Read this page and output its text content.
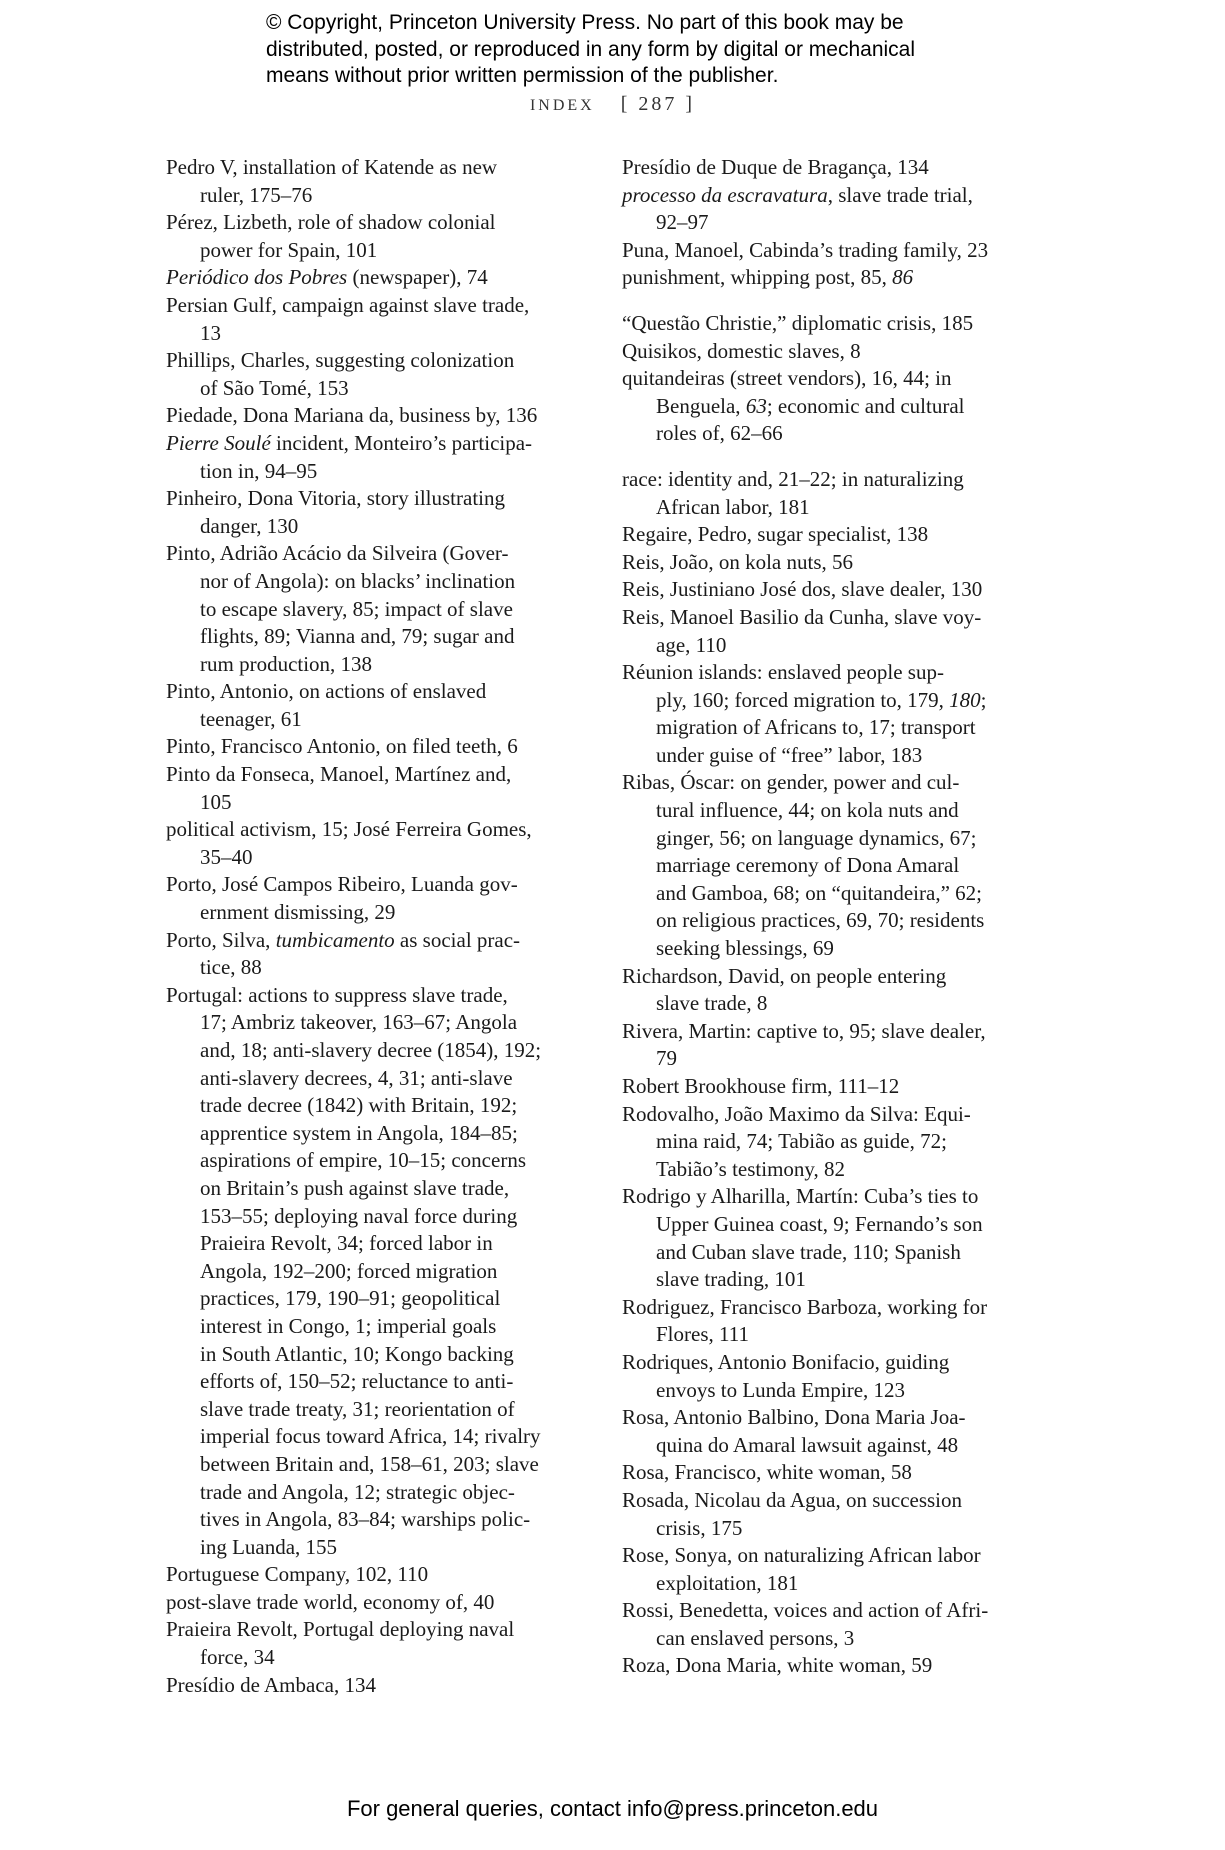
© Copyright, Princeton University Press. No part of this book may be
distributed, posted, or reproduced in any form by digital or mechanical
means without prior written permission of the publisher.
INDEX [ 287 ]
Pedro V, installation of Katende as new
ruler, 175–76
Pérez, Lizbeth, role of shadow colonial
power for Spain, 101
Periódico dos Pobres (newspaper), 74
Persian Gulf, campaign against slave trade,
13
Phillips, Charles, suggesting colonization
of São Tomé, 153
Piedade, Dona Mariana da, business by, 136
Pierre Soulé incident, Monteiro’s participa-
tion in, 94–95
Pinheiro, Dona Vitoria, story illustrating
danger, 130
Pinto, Adrião Acácio da Silveira (Gover-
nor of Angola): on blacks’ inclination
to escape slavery, 85; impact of slave
flights, 89; Vianna and, 79; sugar and
rum production, 138
Pinto, Antonio, on actions of enslaved
teenager, 61
Pinto, Francisco Antonio, on filed teeth, 6
Pinto da Fonseca, Manoel, Martínez and,
105
political activism, 15; José Ferreira Gomes,
35–40
Porto, José Campos Ribeiro, Luanda gov-
ernment dismissing, 29
Porto, Silva, tumbicamento as social prac-
tice, 88
Portugal: actions to suppress slave trade,
17; Ambriz takeover, 163–67; Angola
and, 18; anti-slavery decree (1854), 192;
anti-slavery decrees, 4, 31; anti-slave
trade decree (1842) with Britain, 192;
apprentice system in Angola, 184–85;
aspirations of empire, 10–15; concerns
on Britain’s push against slave trade,
153–55; deploying naval force during
Praieira Revolt, 34; forced labor in
Angola, 192–200; forced migration
practices, 179, 190–91; geopolitical
interest in Congo, 1; imperial goals
in South Atlantic, 10; Kongo backing
efforts of, 150–52; reluctance to anti-
slave trade treaty, 31; reorientation of
imperial focus toward Africa, 14; rivalry
between Britain and, 158–61, 203; slave
trade and Angola, 12; strategic objec-
tives in Angola, 83–84; warships polic-
ing Luanda, 155
Portuguese Company, 102, 110
post-slave trade world, economy of, 40
Praieira Revolt, Portugal deploying naval
force, 34
Presídio de Ambaca, 134
Presídio de Duque de Bragança, 134
processo da escravatura, slave trade trial,
92–97
Puna, Manoel, Cabinda’s trading family, 23
punishment, whipping post, 85, 86
“Questão Christie,” diplomatic crisis, 185
Quisikos, domestic slaves, 8
quitandeiras (street vendors), 16, 44; in
Benguela, 63; economic and cultural
roles of, 62–66
race: identity and, 21–22; in naturalizing
African labor, 181
Regaire, Pedro, sugar specialist, 138
Reis, João, on kola nuts, 56
Reis, Justiniano José dos, slave dealer, 130
Reis, Manoel Basilio da Cunha, slave voy-
age, 110
Réunion islands: enslaved people sup-
ply, 160; forced migration to, 179, 180;
migration of Africans to, 17; transport
under guise of “free” labor, 183
Ribas, Óscar: on gender, power and cul-
tural influence, 44; on kola nuts and
ginger, 56; on language dynamics, 67;
marriage ceremony of Dona Amaral
and Gamboa, 68; on “quitandeira,” 62;
on religious practices, 69, 70; residents
seeking blessings, 69
Richardson, David, on people entering
slave trade, 8
Rivera, Martin: captive to, 95; slave dealer,
79
Robert Brookhouse firm, 111–12
Rodovalho, João Maximo da Silva: Equi-
mina raid, 74; Tabião as guide, 72;
Tabião’s testimony, 82
Rodrigo y Alharilla, Martín: Cuba’s ties to
Upper Guinea coast, 9; Fernando’s son
and Cuban slave trade, 110; Spanish
slave trading, 101
Rodriguez, Francisco Barboza, working for
Flores, 111
Rodriques, Antonio Bonifacio, guiding
envoys to Lunda Empire, 123
Rosa, Antonio Balbino, Dona Maria Joa-
quina do Amaral lawsuit against, 48
Rosa, Francisco, white woman, 58
Rosada, Nicolau da Agua, on succession
crisis, 175
Rose, Sonya, on naturalizing African labor
exploitation, 181
Rossi, Benedetta, voices and action of Afri-
can enslaved persons, 3
Roza, Dona Maria, white woman, 59
For general queries, contact info@press.princeton.edu
